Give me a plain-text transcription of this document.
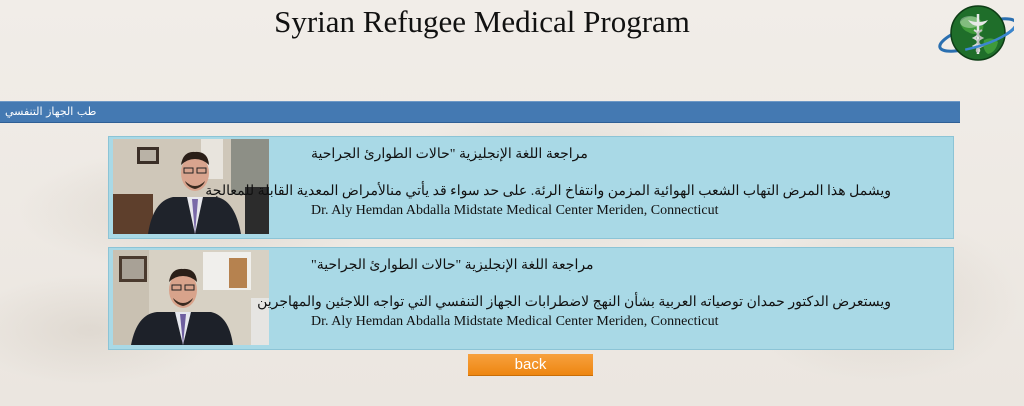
Syrian Refugee Medical Program
طب الجهاز التنفسي
مراجعة اللغة الإنجليزية "حالات الطوارئ الجراحية
ويشمل هذا المرض التهاب الشعب الهوائية المزمن وانتفاخ الرئة. على حد سواء قد يأتي منالأمراض المعدية القابلة للمعالجة
Dr. Aly Hemdan Abdalla Midstate Medical Center Meriden, Connecticut
مراجعة اللغة الإنجليزية "حالات الطوارئ الجراحية"
ويستعرض الدكتور حمدان توصياته العربية بشأن النهج لاضطرابات الجهاز التنفسي التي تواجه اللاجئين والمهاجرين
Dr. Aly Hemdan Abdalla Midstate Medical Center Meriden, Connecticut
back
